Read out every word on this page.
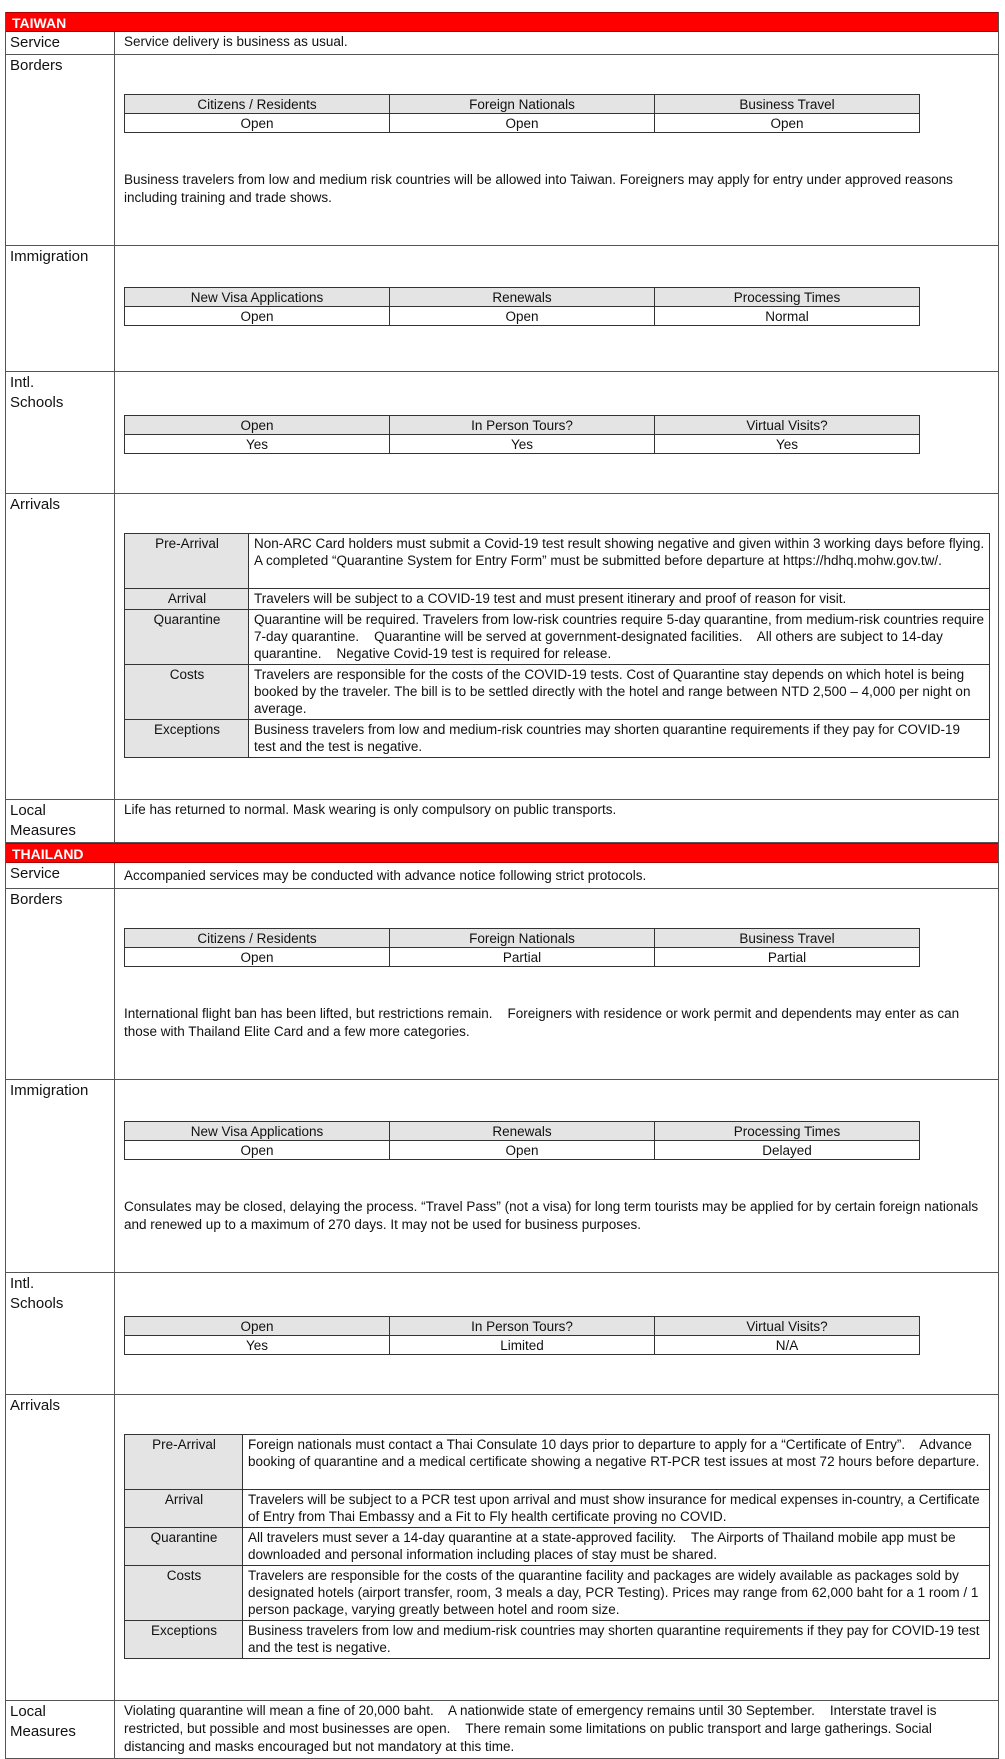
TAIWAN
Service	Service delivery is business as usual.
Borders

Citizens / Residents	Foreign Nationals	Business Travel
Open	Open	Open

Business travelers from low and medium risk countries will be allowed into Taiwan. Foreigners may apply for entry under approved reasons including training and trade shows.

Immigration

New Visa Applications	Renewals	Processing Times
Open	Open	Normal

Intl.
Schools

Open	In Person Tours?	Virtual Visits?
Yes	Yes	Yes

Arrivals

Pre-Arrival	Non-ARC Card holders must submit a Covid-19 test result showing negative and given within 3 working days before flying. A completed “Quarantine System for Entry Form” must be submitted before departure at https://hdhq.mohw.gov.tw/.
Arrival	Travelers will be subject to a COVID-19 test and must present itinerary and proof of reason for visit.
Quarantine	Quarantine will be required. Travelers from low-risk countries require 5-day quarantine, from medium-risk countries require 7-day quarantine.    Quarantine will be served at government-designated facilities.    All others are subject to 14-day quarantine.    Negative Covid-19 test is required for release.
Costs	Travelers are responsible for the costs of the COVID-19 tests. Cost of Quarantine stay depends on which hotel is being booked by the traveler. The bill is to be settled directly with the hotel and range between NTD 2,500 – 4,000 per night on average.
Exceptions	Business travelers from low and medium-risk countries may shorten quarantine requirements if they pay for COVID-19 test and the test is negative.

Local
Measures
Life has returned to normal. Mask wearing is only compulsory on public transports.
THAILAND
Service	Accompanied services may be conducted with advance notice following strict protocols.
Borders

Citizens / Residents	Foreign Nationals	Business Travel
Open	Partial	Partial

International flight ban has been lifted, but restrictions remain.    Foreigners with residence or work permit and dependents may enter as can those with Thailand Elite Card and a few more categories.

Immigration

New Visa Applications	Renewals	Processing Times
Open	Open	Delayed

Consulates may be closed, delaying the process. “Travel Pass” (not a visa) for long term tourists may be applied for by certain foreign nationals and renewed up to a maximum of 270 days. It may not be used for business purposes.

Intl.
Schools

Open	In Person Tours?	Virtual Visits?
Yes	Limited	N/A

Arrivals

Pre-Arrival	Foreign nationals must contact a Thai Consulate 10 days prior to departure to apply for a “Certificate of Entry”.    Advance booking of quarantine and a medical certificate showing a negative RT-PCR test issues at most 72 hours before departure.
Arrival	Travelers will be subject to a PCR test upon arrival and must show insurance for medical expenses in-country, a Certificate of Entry from Thai Embassy and a Fit to Fly health certificate proving no COVID.
Quarantine	All travelers must sever a 14-day quarantine at a state-approved facility.    The Airports of Thailand mobile app must be downloaded and personal information including places of stay must be shared.
Costs	Travelers are responsible for the costs of the quarantine facility and packages are widely available as packages sold by designated hotels (airport transfer, room, 3 meals a day, PCR Testing). Prices may range from 62,000 baht for a 1 room / 1 person package, varying greatly between hotel and room size.
Exceptions	Business travelers from low and medium-risk countries may shorten quarantine requirements if they pay for COVID-19 test and the test is negative.

Local
Measures
Violating quarantine will mean a fine of 20,000 baht.    A nationwide state of emergency remains until 30 September.    Interstate travel is restricted, but possible and most businesses are open.    There remain some limitations on public transport and large gatherings. Social distancing and masks encouraged but not mandatory at this time.
